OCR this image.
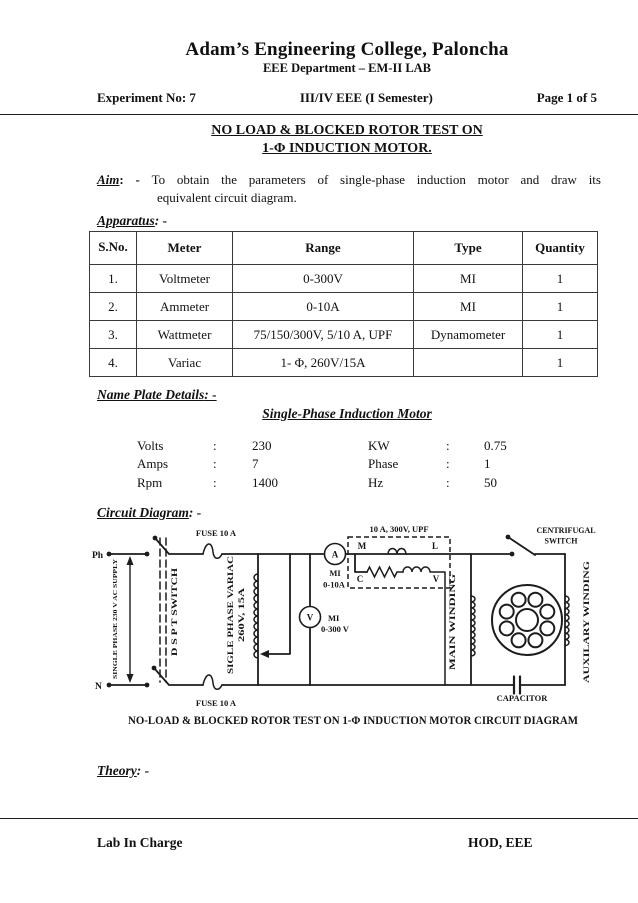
Adam’s Engineering College, Paloncha
EEE Department – EM-II LAB
Experiment No: 7	III/IV EEE (I Semester)	Page 1 of 5
NO LOAD & BLOCKED ROTOR TEST ON
1-Φ INDUCTION MOTOR.
Aim: - To obtain the parameters of single-phase induction motor and draw its
equivalent circuit diagram.
Apparatus: -
S.No.	Meter	Range	Type	Quantity
1.	Voltmeter	0-300V	MI	1
2.	Ammeter	0-10A	MI	1
3.	Wattmeter	75/150/300V, 5/10 A, UPF	Dynamometer	1
4.	Variac	1- Φ, 260V/15A		1
Name Plate Details: -
Single-Phase Induction Motor
Volts	:	230	KW	:	0.75
Amps	:	7	Phase	:	1
Rpm	:	1400	Hz	:	50
Circuit Diagram: -
Ph
N
SINGLE PHASE 230 V AC SUPPLY
FUSE 10 A
FUSE 10 A
D S P T SWITCH	SIGLE PHASE VARIAC 260V, 15A	V MI
0-300 V
A
MI
0-10A
10 A, 300V, UPF
M	L
C	V
CENTRIFUGAL
SWITCH
MAIN WINDING	AUXILARY WINDING
CAPACITOR
NO-LOAD & BLOCKED ROTOR TEST ON 1-Φ INDUCTION MOTOR CIRCUIT DIAGRAM
Theory: -
Lab In Charge	HOD, EEE
